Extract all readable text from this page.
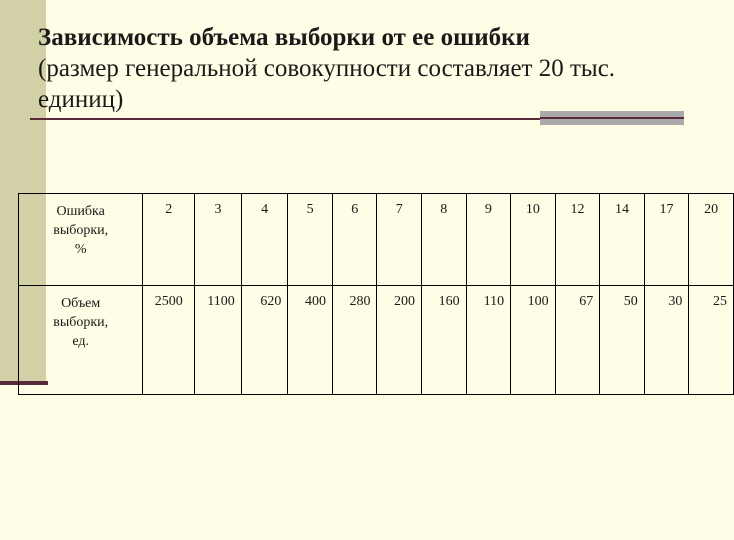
Зависимость объема выборки от ее ошибки
(размер генеральной совокупности составляет 20 тыс.
единиц)
Ошибка
выборки,
%	2	3	4	5	6	7	8	9	10	12	14	17	20

Объем
выборки,
ед.	2500	1100	620	400	280	200	160	110	100	67	50	30	25
